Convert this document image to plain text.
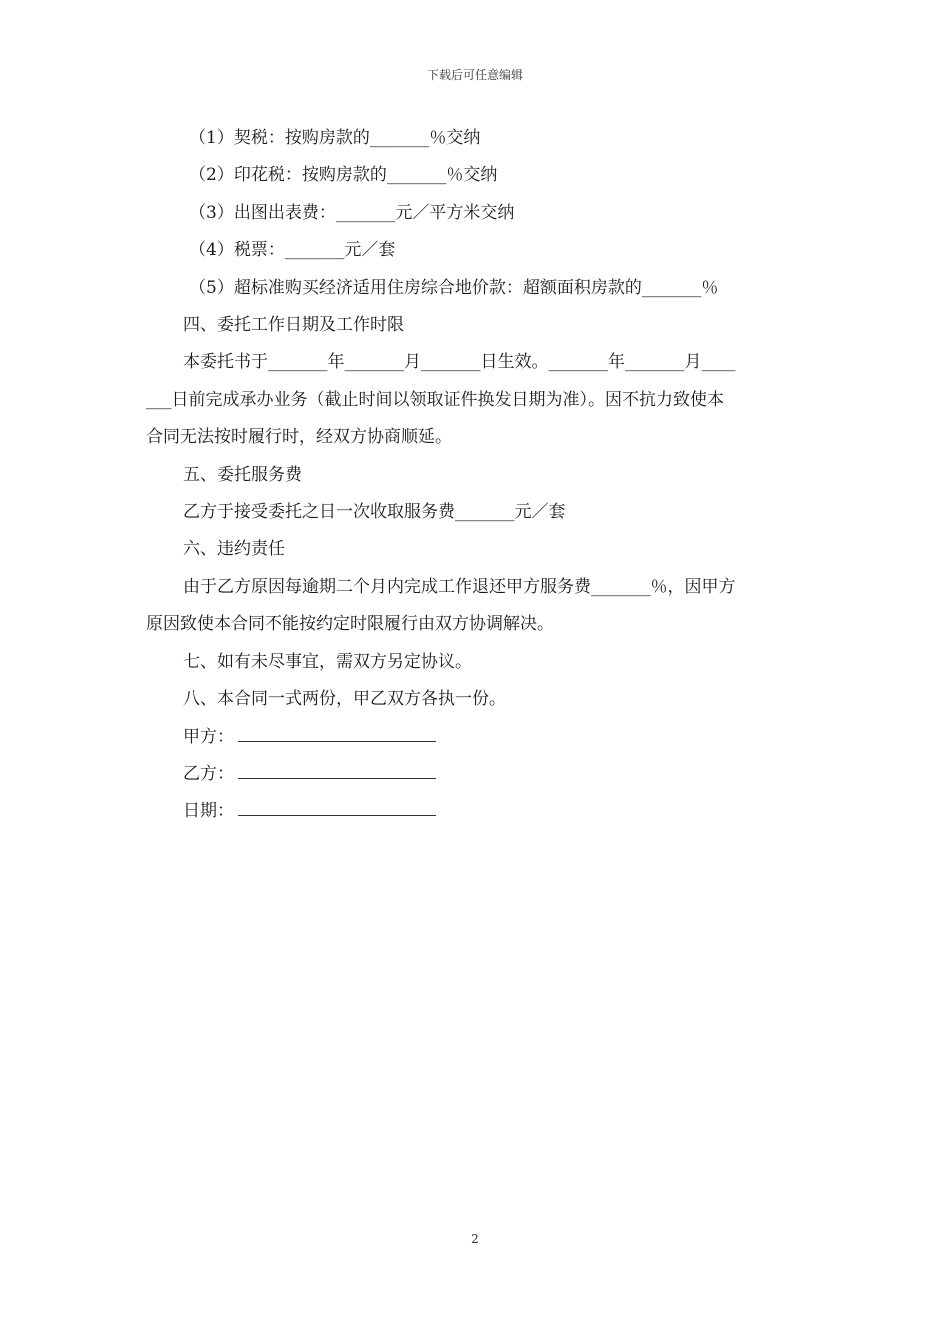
下载后可任意编辑
（1）契税：按购房款的_______％交纳
（2）印花税：按购房款的_______％交纳
（3）出图出表费：_______元／平方米交纳
（4）税票：_______元／套
（5）超标准购买经济适用住房综合地价款：超额面积房款的_______％
四、委托工作日期及工作时限
本委托书于_______年_______月_______日生效。_______年_______月____
___日前完成承办业务（截止时间以领取证件换发日期为准）。因不抗力致使本
合同无法按时履行时，经双方协商顺延。
五、委托服务费
乙方于接受委托之日一次收取服务费_______元／套
六、违约责任
由于乙方原因每逾期二个月内完成工作退还甲方服务费_______％，因甲方
原因致使本合同不能按约定时限履行由双方协调解决。
七、如有未尽事宜，需双方另定协议。
八、本合同一式两份，甲乙双方各执一份。
甲方：
乙方：
日期：
2
